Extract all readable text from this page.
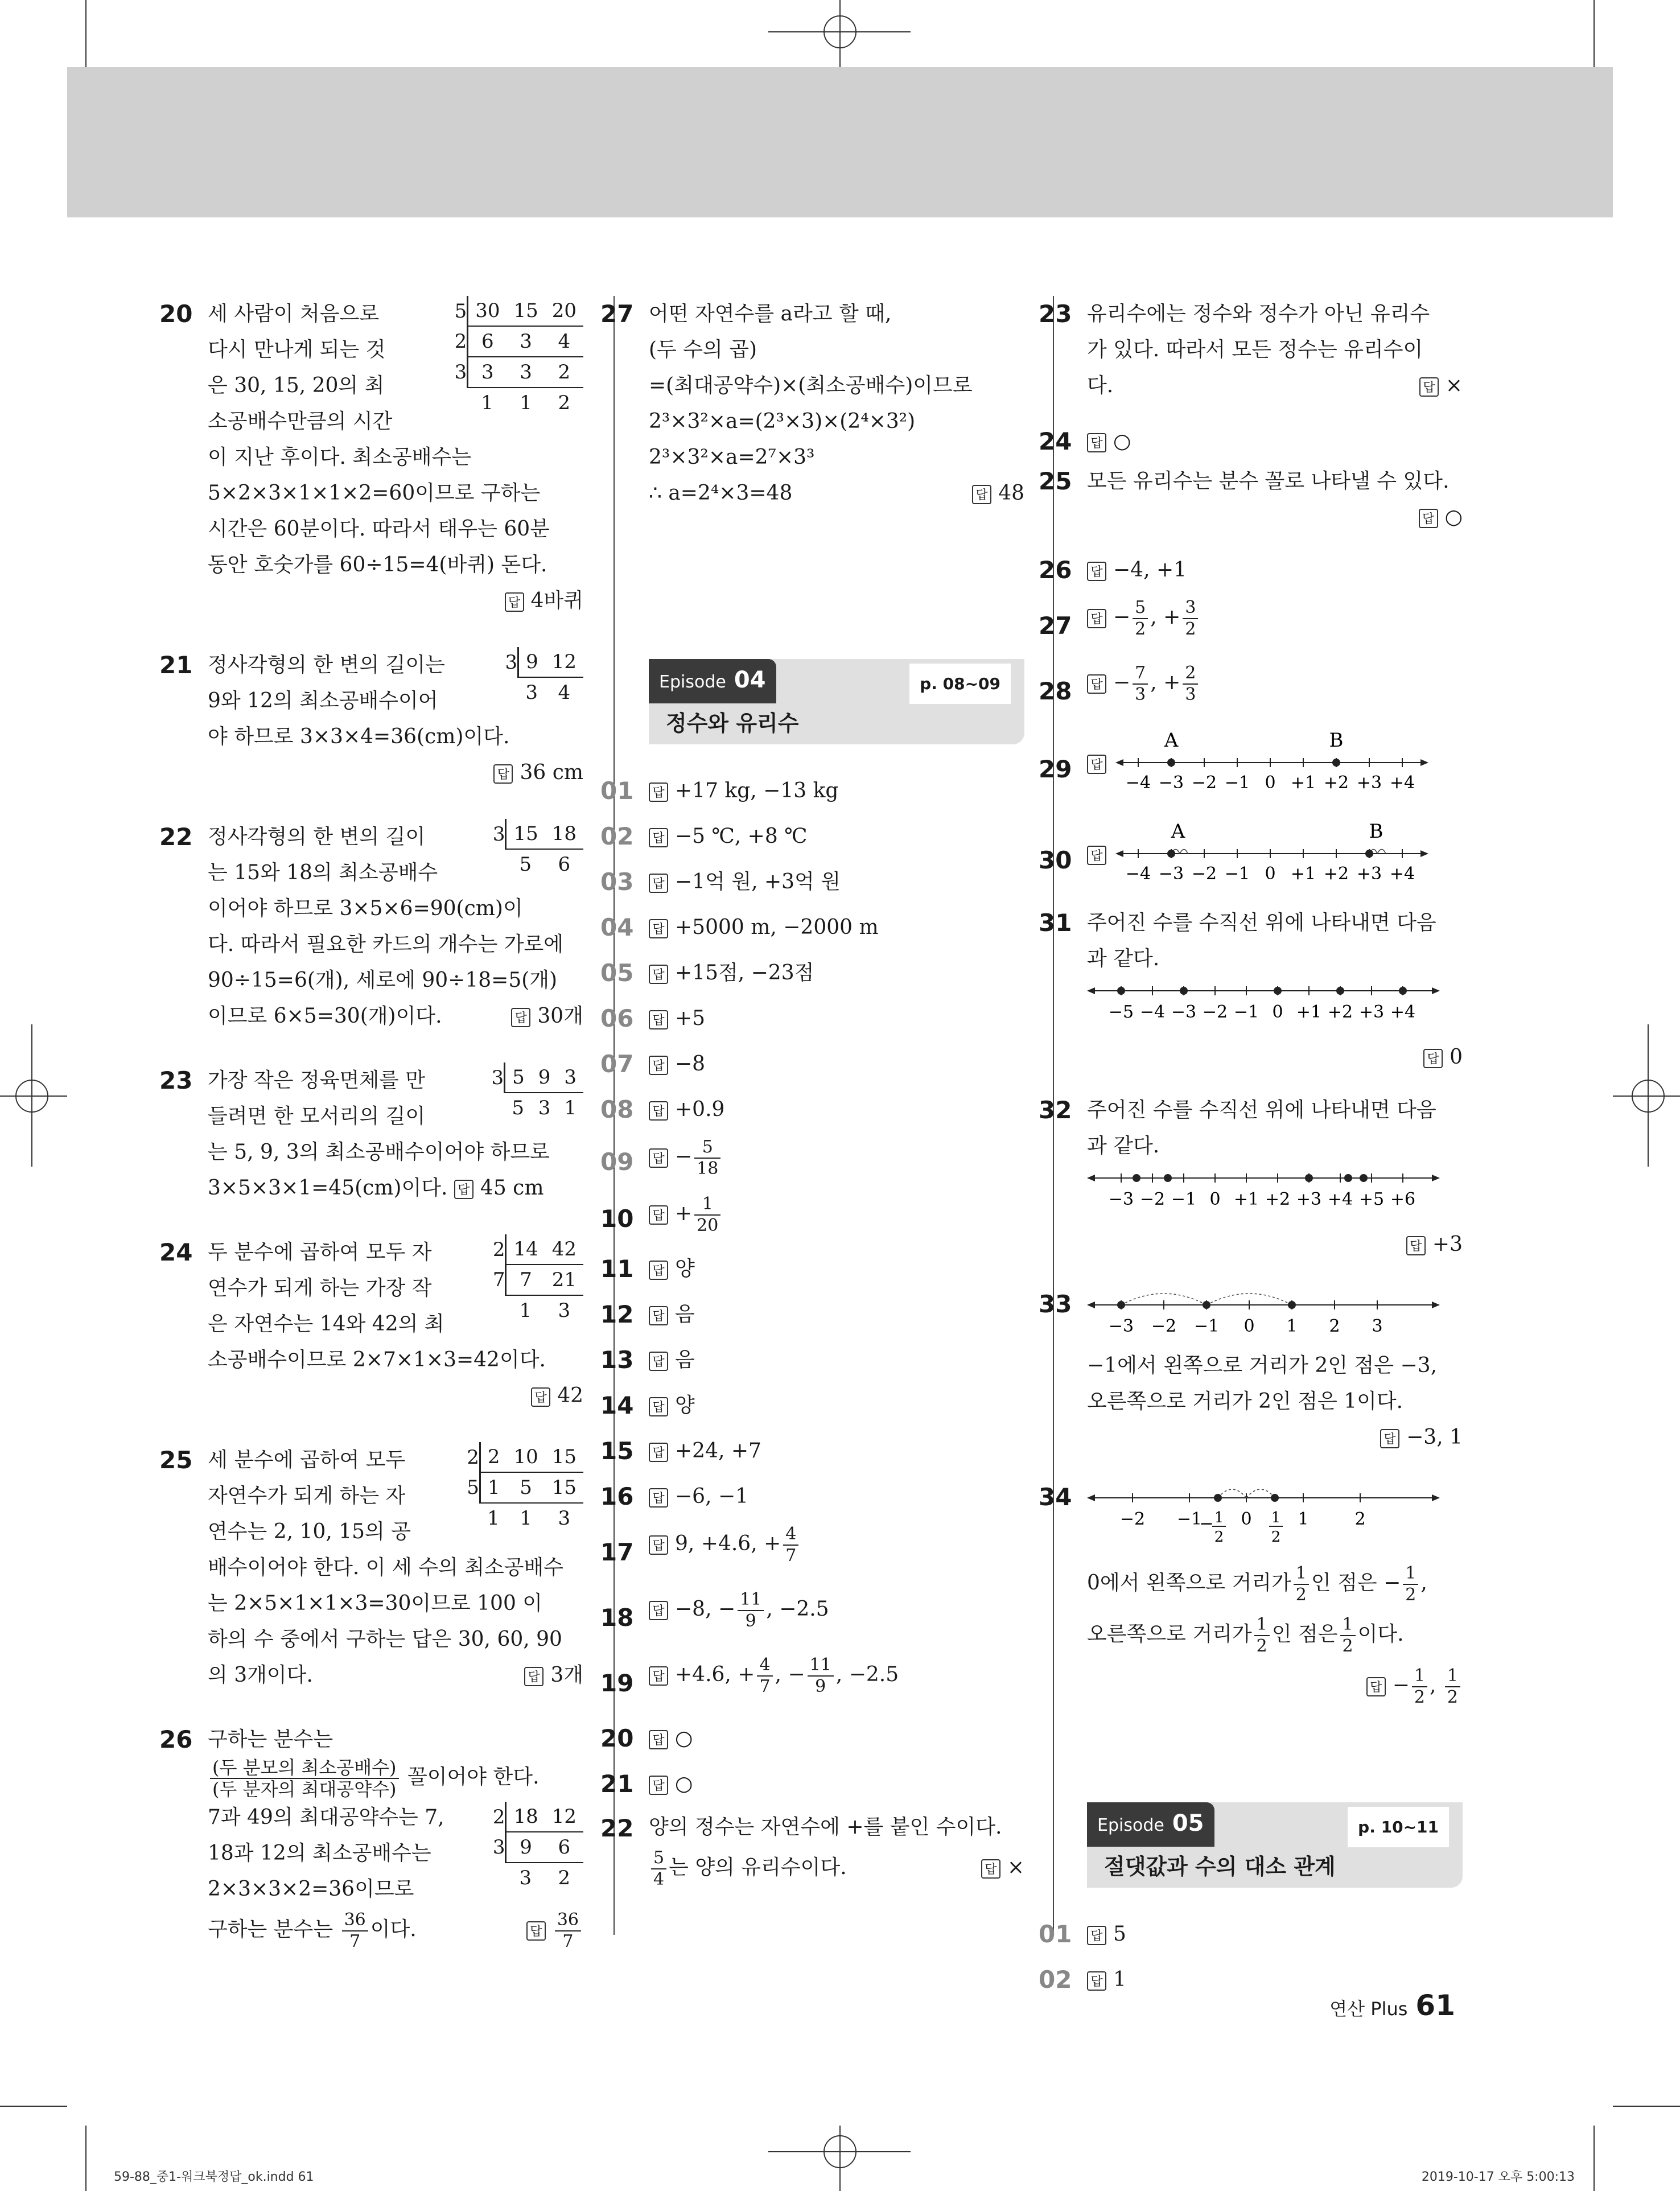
20	5	30	15	20
2	6	3	4
3	3	3	2
	1	1	2
세 사람이 처음으로
다시 만나게 되는 것
은 30, 15, 20의 최
소공배수만큼의 시간
이 지난 후이다. 최소공배수는
5×2×3×1×1×2=60이므로 구하는
시간은 60분이다. 따라서 태우는 60분
동안 호숫가를 60÷15=4(바퀴) 돈다.
답 4바퀴
21	3	9	12
	3	4
정사각형의 한 변의 길이는
9와 12의 최소공배수이어
야 하므로 3×3×4=36(cm)이다.
답 36 cm
22	3	15	18
	5	6
정사각형의 한 변의 길이
는 15와 18의 최소공배수
이어야 하므로 3×5×6=90(cm)이
다. 따라서 필요한 카드의 개수는 가로에
90÷15=6(개), 세로에 90÷18=5(개)
이므로 6×5=30(개)이다.	답 30개
23	3	5	9	3
	5	3	1
가장 작은 정육면체를 만
들려면 한 모서리의 길이
는 5, 9, 3의 최소공배수이어야 하므로
3×5×3×1=45(cm)이다. 답 45 cm
24	2	14	42
7	7	21
	1	3
두 분수에 곱하여 모두 자
연수가 되게 하는 가장 작
은 자연수는 14와 42의 최
소공배수이므로 2×7×1×3=42이다.
답 42
25	2	2	10	15
5	1	5	15
	1	1	3
세 분수에 곱하여 모두
자연수가 되게 하는 자
연수는 2, 10, 15의 공
배수이어야 한다. 이 세 수의 최소공배수
는 2×5×1×1×3=30이므로 100 이
하의 수 중에서 구하는 답은 30, 60, 90
의 3개이다.	답 3개
26 구하는 분수는
$\frac{\text{(두 분모의 최소공배수)}}{\text{(두 분자의 최대공약수)}}$ 꼴이어야 한다.
2	18	12
3	9	6
	3	2
7과 49의 최대공약수는 7,
18과 12의 최소공배수는
2×3×3×2=36이므로
구하는 분수는 $\frac{36}{7}$ 이다.	답 $\frac{36}{7}$
27 어떤 자연수를 a라고 할 때,
(두 수의 곱)
=(최대공약수)×(최소공배수)이므로
2³×3²×a=(2³×3)×(2⁴×3²)
2³×3²×a=2⁷×3³
∴ a=2⁴×3=48	답 48
Episode 04	p. 08~09
정수와 유리수
01	답 +17 kg, −13 kg
02	답 −5 ℃, +8 ℃
03	답 −1억 원, +3억 원
04	답 +5000 m, −2000 m
05	답 +15점, −23점
06	답 +5
07	답 −8
08	답 +0.9
09	답 − $\frac{5}{18}$
10	답 + $\frac{1}{20}$
11	답 양
12	답 음
13	답 음
14	답 양
15	답 +24, +7
16	답 −6, −1
17	답 9, +4.6, + $\frac{4}{7}$
18	답 −8, − $\frac{11}{9}$ , −2.5
19	답 +4.6, + $\frac{4}{7}$ , − $\frac{11}{9}$ , −2.5
20	답 ○
21	답 ○
22 양의 정수는 자연수에 +를 붙인 수이다.
$\frac{5}{4}$ 는 양의 유리수이다.	답 ×
23 유리수에는 정수와 정수가 아닌 유리수
가 있다. 따라서 모든 정수는 유리수이
다.	답 ×
24	답 ○
25 모든 유리수는 분수 꼴로 나타낼 수 있다.
답 ○
26	답 −4, +1
27	답 − $\frac{5}{2}$ , + $\frac{3}{2}$
28	답 − $\frac{7}{3}$ , + $\frac{2}{3}$
29	답
A	B
−4 −3 −2 −1 0 +1 +2 +3 +4
30	답
A	B
−4 −3 −2 −1 0 +1 +2 +3 +4
31 주어진 수를 수직선 위에 나타내면 다음
과 같다.
−5 −4 −3 −2 −1 0 +1 +2 +3 +4
답 0
32 주어진 수를 수직선 위에 나타내면 다음
과 같다.
−3 −2 −1 0 +1 +2 +3 +4 +5 +6
답 +3
33
−3 −2 −1 0 1 2 3
−1에서 왼쪽으로 거리가 2인 점은 −3,
오른쪽으로 거리가 2인 점은 1이다.
답 −3, 1
34
−2 −1 0	1	2
− 1
2
1
2
0에서 왼쪽으로 거리가 $\frac{1}{2}$ 인 점은 − $\frac{1}{2}$ ,
오른쪽으로 거리가 $\frac{1}{2}$ 인 점은 $\frac{1}{2}$ 이다.
답 − $\frac{1}{2}$ , $\frac{1}{2}$
Episode 05	p. 10~11
절댓값과 수의 대소 관계
01	답 5
02	답 1
연산 Plus 61
59-88_중1-워크북정답_ok.indd 61	2019-10-17 오후 5:00:13
